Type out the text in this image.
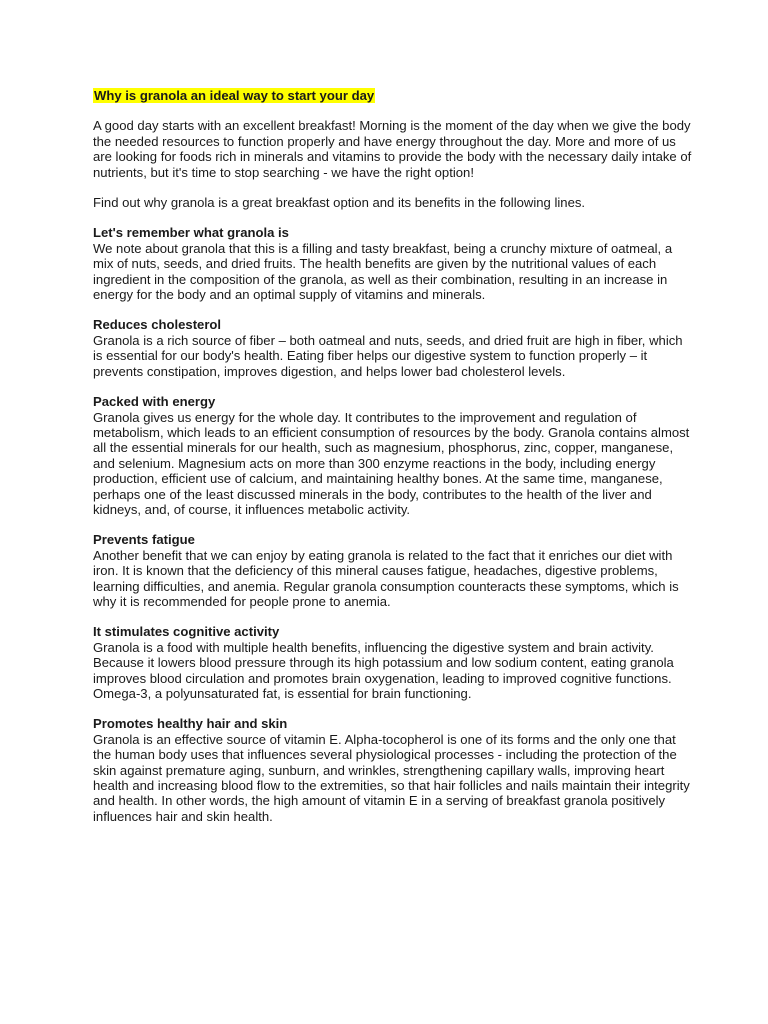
Why is granola an ideal way to start your day

A good day starts with an excellent breakfast! Morning is the moment of the day when we give the body the needed resources to function properly and have energy throughout the day. More and more of us are looking for foods rich in minerals and vitamins to provide the body with the necessary daily intake of nutrients, but it's time to stop searching - we have the right option!

Find out why granola is a great breakfast option and its benefits in the following lines.

Let's remember what granola is
We note about granola that this is a filling and tasty breakfast, being a crunchy mixture of oatmeal, a mix of nuts, seeds, and dried fruits. The health benefits are given by the nutritional values of each ingredient in the composition of the granola, as well as their combination, resulting in an increase in energy for the body and an optimal supply of vitamins and minerals.
Reduces cholesterol
Granola is a rich source of fiber – both oatmeal and nuts, seeds, and dried fruit are high in fiber, which is essential for our body's health. Eating fiber helps our digestive system to function properly – it prevents constipation, improves digestion, and helps lower bad cholesterol levels.
Packed with energy
Granola gives us energy for the whole day. It contributes to the improvement and regulation of metabolism, which leads to an efficient consumption of resources by the body. Granola contains almost all the essential minerals for our health, such as magnesium, phosphorus, zinc, copper, manganese, and selenium. Magnesium acts on more than 300 enzyme reactions in the body, including energy production, efficient use of calcium, and maintaining healthy bones. At the same time, manganese, perhaps one of the least discussed minerals in the body, contributes to the health of the liver and kidneys, and, of course, it influences metabolic activity.
Prevents fatigue
Another benefit that we can enjoy by eating granola is related to the fact that it enriches our diet with iron. It is known that the deficiency of this mineral causes fatigue, headaches, digestive problems, learning difficulties, and anemia. Regular granola consumption counteracts these symptoms, which is why it is recommended for people prone to anemia.
It stimulates cognitive activity
Granola is a food with multiple health benefits, influencing the digestive system and brain activity. Because it lowers blood pressure through its high potassium and low sodium content, eating granola improves blood circulation and promotes brain oxygenation, leading to improved cognitive functions. Omega-3, a polyunsaturated fat, is essential for brain functioning.
Promotes healthy hair and skin
Granola is an effective source of vitamin E. Alpha-tocopherol is one of its forms and the only one that the human body uses that influences several physiological processes - including the protection of the skin against premature aging, sunburn, and wrinkles, strengthening capillary walls, improving heart health and increasing blood flow to the extremities, so that hair follicles and nails maintain their integrity and health. In other words, the high amount of vitamin E in a serving of breakfast granola positively influences hair and skin health.
